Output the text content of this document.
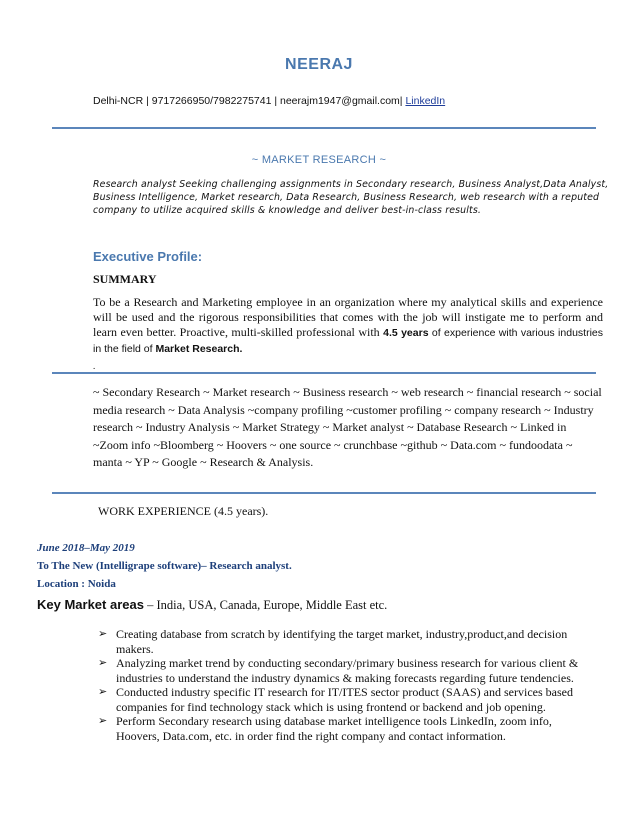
NEERAJ
Delhi-NCR | 9717266950/7982275741 | neerajm1947@gmail.com| LinkedIn
~ MARKET RESEARCH ~
Research analyst Seeking challenging assignments in Secondary research, Business Analyst,Data Analyst, Business Intelligence, Market research, Data Research, Business Research, web research with a reputed company to utilize acquired skills & knowledge and deliver best-in-class results.
Executive Profile:
SUMMARY
To be a Research and Marketing employee in an organization where my analytical skills and experience will be used and the rigorous responsibilities that comes with the job will instigate me to perform and learn even better. Proactive, multi-skilled professional with 4.5 years of experience with various industries in the field of Market Research.
.
~ Secondary Research ~ Market research ~ Business research ~ web research ~ financial research ~ social media research ~ Data Analysis ~company profiling ~customer profiling ~ company research ~ Industry research ~ Industry Analysis ~ Market Strategy ~ Market analyst ~ Database Research ~ Linked in ~Zoom info ~Bloomberg ~ Hoovers ~ one source ~ crunchbase ~github ~ Data.com ~ fundoodata ~ manta ~ YP ~ Google ~ Research & Analysis.
WORK EXPERIENCE (4.5 years).
June 2018–May 2019
To The New (Intelligrape software)– Research analyst.
Location : Noida
Key Market areas – India, USA, Canada, Europe, Middle East etc.
➢ Creating database from scratch by identifying the target market, industry,product,and decision makers.
➢ Analyzing market trend by conducting secondary/primary business research for various client & industries to understand the industry dynamics & making forecasts regarding future tendencies.
➢ Conducted industry specific IT research for IT/ITES sector product (SAAS) and services based companies for find technology stack which is using frontend or backend and job opening.
➢ Perform Secondary research using database market intelligence tools LinkedIn, zoom info, Hoovers, Data.com, etc. in order find the right company and contact information.
